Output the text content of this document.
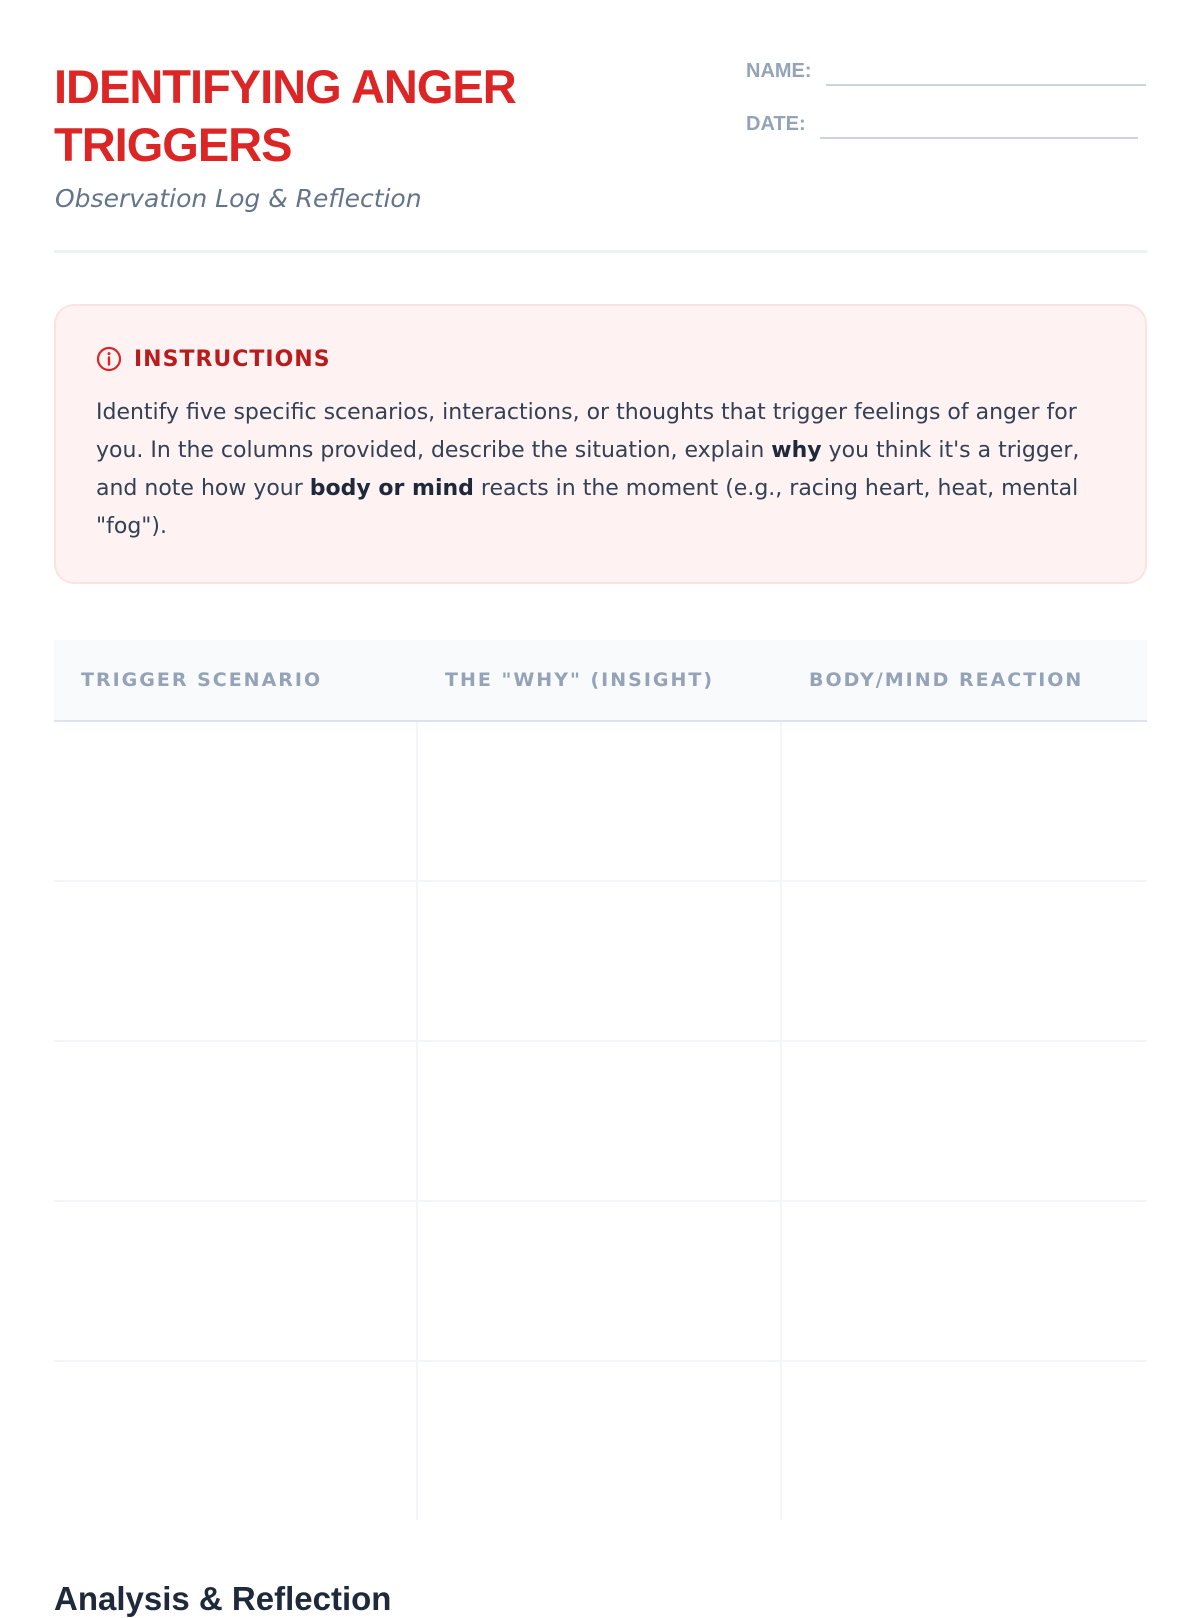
IDENTIFYING ANGER TRIGGERS

Observation Log & Reflection

NAME:
DATE:
INSTRUCTIONS

Identify five specific scenarios, interactions, or thoughts that trigger feelings of anger for you. In the columns provided, describe the situation, explain why you think it's a trigger, and note how your body or mind reacts in the moment (e.g., racing heart, heat, mental "fog").

TRIGGER SCENARIO	THE "WHY" (INSIGHT)	BODY/MIND REACTION
Analysis & Reflection
